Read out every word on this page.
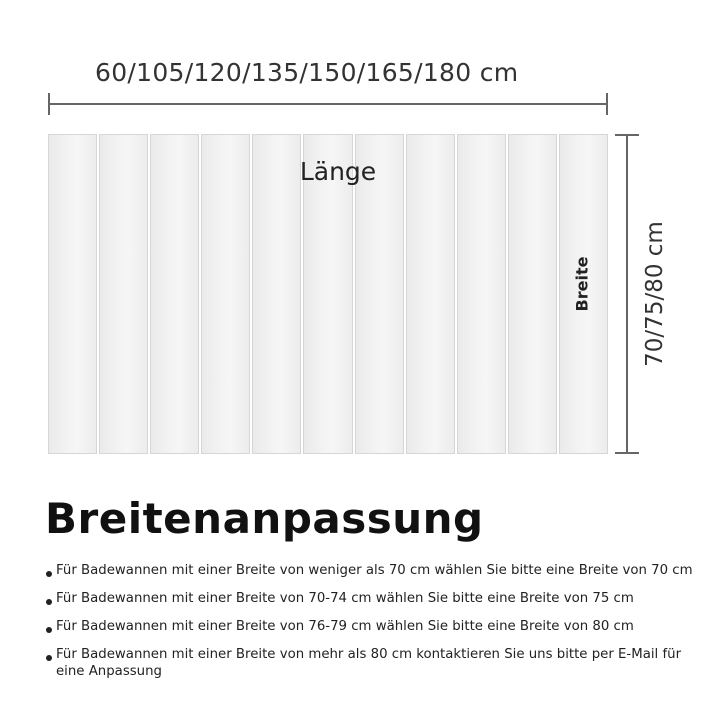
60/105/120/135/150/165/180 cm
Länge
Breite 70/75/80 cm
Breitenanpassung
Für Badewannen mit einer Breite von weniger als 70 cm wählen Sie bitte eine Breite von 70 cm
Für Badewannen mit einer Breite von 70-74 cm wählen Sie bitte eine Breite von 75 cm
Für Badewannen mit einer Breite von 76-79 cm wählen Sie bitte eine Breite von 80 cm
Für Badewannen mit einer Breite von mehr als 80 cm kontaktieren Sie uns bitte per E-Mail für eine Anpassung
